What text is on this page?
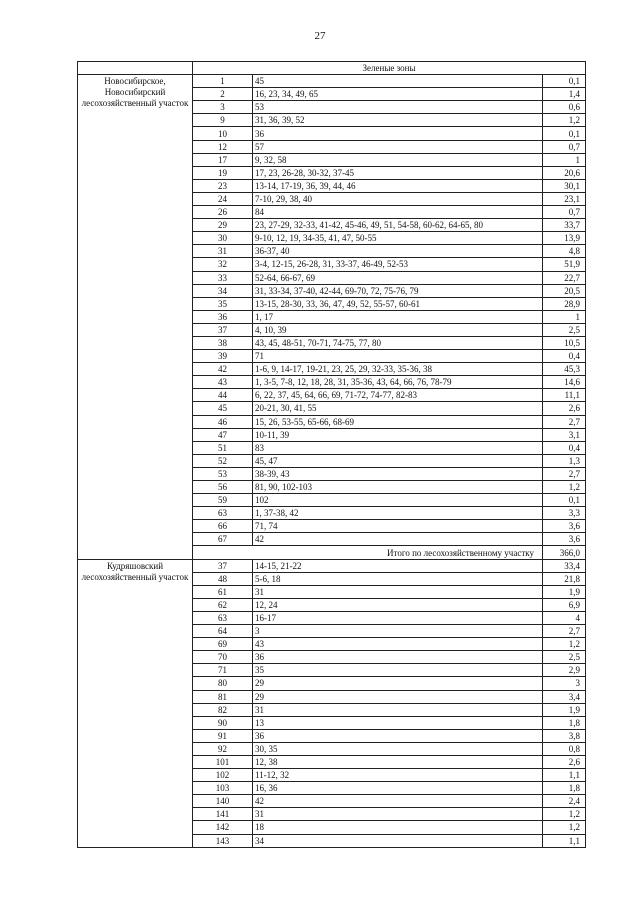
27
	Зеленые зоны		
Новосибирское, Новосибирский лесохозяйственный участок	1	45	0,1
	2	16, 23, 34, 49, 65	1,4
	3	53	0,6
	9	31, 36, 39, 52	1,2
	10	36	0,1
	12	57	0,7
	17	9, 32, 58	1
	19	17, 23, 26-28, 30-32, 37-45	20,6
	23	13-14, 17-19, 36, 39, 44, 46	30,1
	24	7-10, 29, 38, 40	23,1
	26	84	0,7
	29	23, 27-29, 32-33, 41-42, 45-46, 49, 51, 54-58, 60-62, 64-65, 80	33,7
	30	9-10, 12, 19, 34-35, 41, 47, 50-55	13,9
	31	36-37, 40	4,8
	32	3-4, 12-15, 26-28, 31, 33-37, 46-49, 52-53	51,9
	33	52-64, 66-67, 69	22,7
	34	31, 33-34, 37-40, 42-44, 69-70, 72, 75-76, 79	20,5
	35	13-15, 28-30, 33, 36, 47, 49, 52, 55-57, 60-61	28,9
	36	1, 17	1
	37	4, 10, 39	2,5
	38	43, 45, 48-51, 70-71, 74-75, 77, 80	10,5
	39	71	0,4
	42	1-6, 9, 14-17, 19-21, 23, 25, 29, 32-33, 35-36, 38	45,3
	43	1, 3-5, 7-8, 12, 18, 28, 31, 35-36, 43, 64, 66, 76, 78-79	14,6
	44	6, 22, 37, 45, 64, 66, 69, 71-72, 74-77, 82-83	11,1
	45	20-21, 30, 41, 55	2,6
	46	15, 26, 53-55, 65-66, 68-69	2,7
	47	10-11, 39	3,1
	51	83	0,4
	52	45, 47	1,3
	53	38-39, 43	2,7
	56	81, 90, 102-103	1,2
	59	102	0,1
	63	1, 37-38, 42	3,3
	66	71, 74	3,6
	67	42	3,6
	Итого по лесохозяйственному участку		366,0
Кудряшовский лесохозяйственный участок	37	14-15, 21-22	33,4
	48	5-6, 18	21,8
	61	31	1,9
	62	12, 24	6,9
	63	16-17	4
	64	3	2,7
	69	43	1,2
	70	36	2,5
	71	35	2,9
	80	29	3
	81	29	3,4
	82	31	1,9
	90	13	1,8
	91	36	3,8
	92	30, 35	0,8
	101	12, 38	2,6
	102	11-12, 32	1,1
	103	16, 36	1,8
	140	42	2,4
	141	31	1,2
	142	18	1,2
	143	34	1,1
